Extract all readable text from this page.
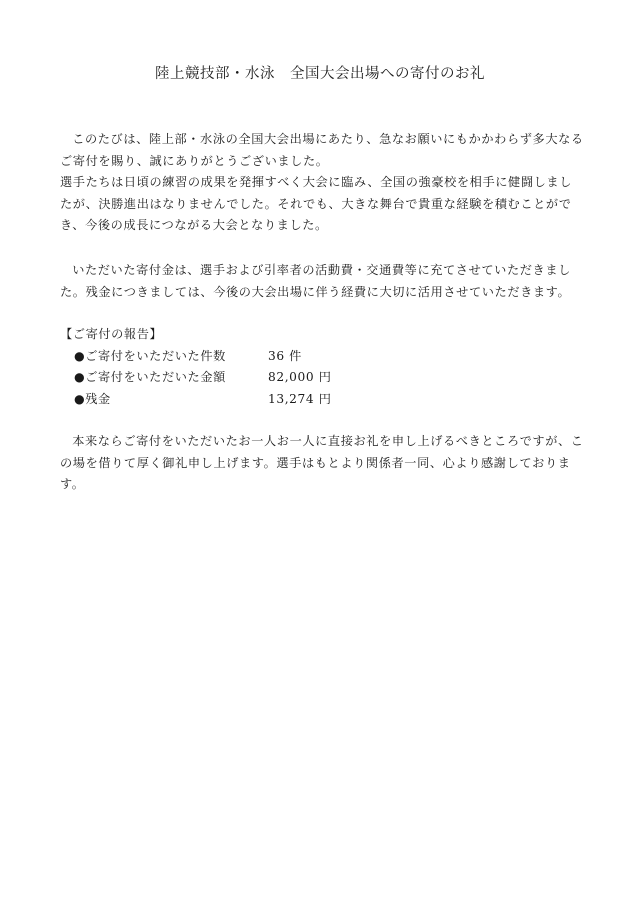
陸上競技部・水泳　全国大会出場への寄付のお礼
このたびは、陸上部・水泳の全国大会出場にあたり、急なお願いにもかかわらず多大なるご寄付を賜り、誠にありがとうございました。
選手たちは日頃の練習の成果を発揮すべく大会に臨み、全国の強豪校を相手に健闘しましたが、決勝進出はなりませんでした。それでも、大きな舞台で貴重な経験を積むことができ、今後の成長につながる大会となりました。
いただいた寄付金は、選手および引率者の活動費・交通費等に充てさせていただきました。残金につきましては、今後の大会出場に伴う経費に大切に活用させていただきます。
【ご寄付の報告】
●ご寄付をいただいた件数	36 件
●ご寄付をいただいた金額	82,000 円
●残金	13,274 円
本来ならご寄付をいただいたお一人お一人に直接お礼を申し上げるべきところですが、この場を借りて厚く御礼申し上げます。選手はもとより関係者一同、心より感謝しております。
